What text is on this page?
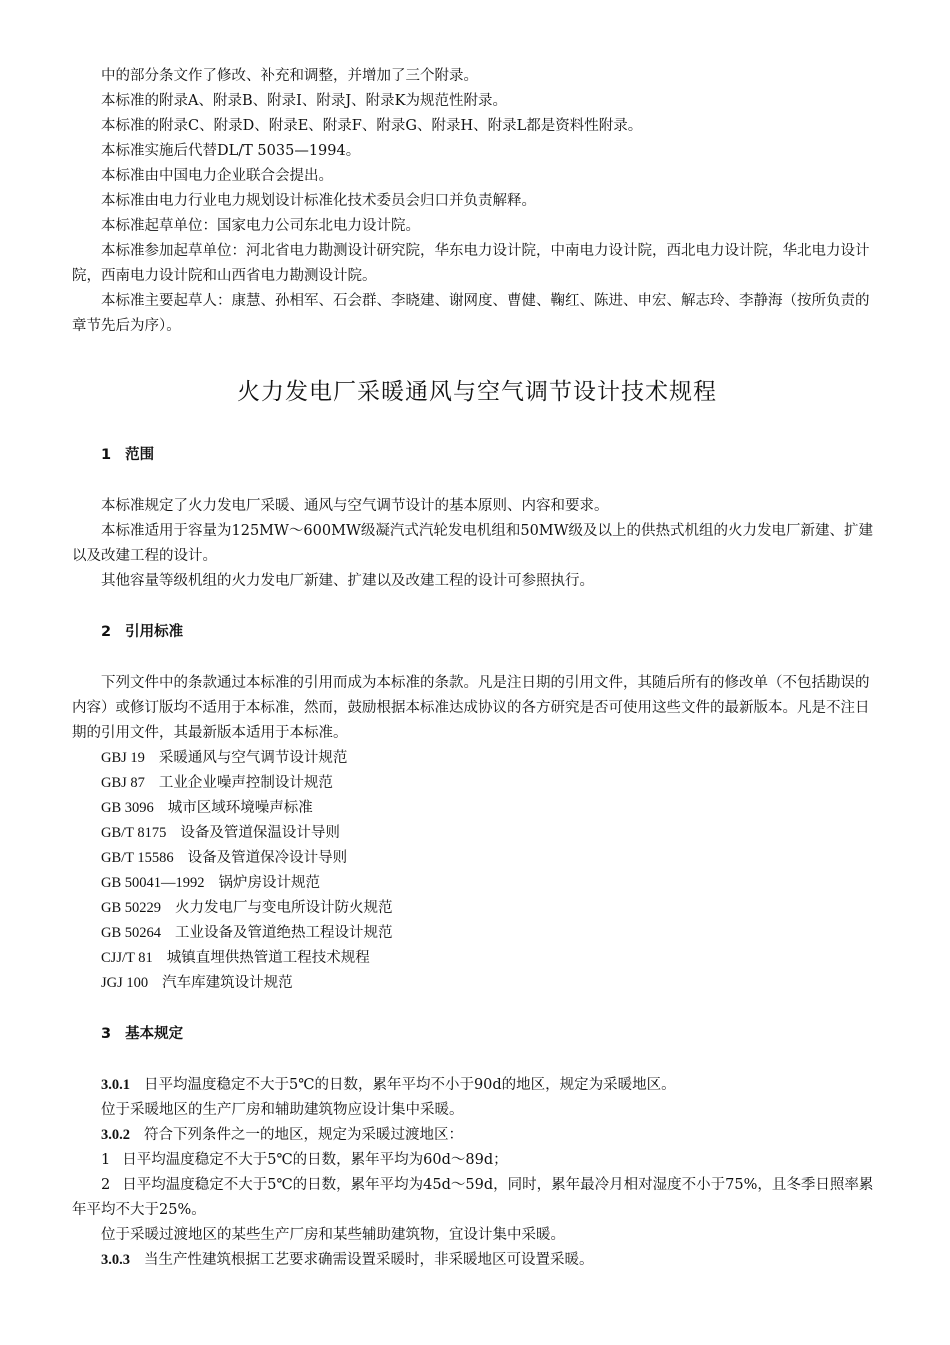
中的部分条文作了修改、补充和调整，并增加了三个附录。

本标准的附录A、附录B、附录I、附录J、附录K为规范性附录。

本标准的附录C、附录D、附录E、附录F、附录G、附录H、附录L都是资料性附录。

本标准实施后代替DL/T 5035—1994。

本标准由中国电力企业联合会提出。

本标准由电力行业电力规划设计标准化技术委员会归口并负责解释。

本标准起草单位：国家电力公司东北电力设计院。

本标准参加起草单位：河北省电力勘测设计研究院，华东电力设计院，中南电力设计院，西北电力设计院，华北电力设计院，西南电力设计院和山西省电力勘测设计院。

本标准主要起草人：康慧、孙相军、石会群、李晓建、谢网度、曹健、鞠红、陈进、申宏、解志玲、李静海（按所负责的章节先后为序）。

火力发电厂采暖通风与空气调节设计技术规程
1 范围

本标准规定了火力发电厂采暖、通风与空气调节设计的基本原则、内容和要求。

本标准适用于容量为125MW～600MW级凝汽式汽轮发电机组和50MW级及以上的供热式机组的火力发电厂新建、扩建以及改建工程的设计。

其他容量等级机组的火力发电厂新建、扩建以及改建工程的设计可参照执行。

2 引用标准

下列文件中的条款通过本标准的引用而成为本标准的条款。凡是注日期的引用文件，其随后所有的修改单（不包括勘误的内容）或修订版均不适用于本标准，然而，鼓励根据本标准达成协议的各方研究是否可使用这些文件的最新版本。凡是不注日期的引用文件，其最新版本适用于本标准。

GBJ 19 采暖通风与空气调节设计规范
GBJ 87 工业企业噪声控制设计规范
GB 3096 城市区域环境噪声标准
GB/T 8175 设备及管道保温设计导则
GB/T 15586 设备及管道保冷设计导则
GB 50041—1992 锅炉房设计规范
GB 50229 火力发电厂与变电所设计防火规范
GB 50264 工业设备及管道绝热工程设计规范
CJJ/T 81 城镇直埋供热管道工程技术规程
JGJ 100 汽车库建筑设计规范
3 基本规定

3.0.1 日平均温度稳定不大于5℃的日数，累年平均不小于90d的地区，规定为采暖地区。

位于采暖地区的生产厂房和辅助建筑物应设计集中采暖。

3.0.2 符合下列条件之一的地区，规定为采暖过渡地区：

1 日平均温度稳定不大于5℃的日数，累年平均为60d～89d；

2 日平均温度稳定不大于5℃的日数，累年平均为45d～59d，同时，累年最冷月相对湿度不小于75%，且冬季日照率累年平均不大于25%。

位于采暖过渡地区的某些生产厂房和某些辅助建筑物，宜设计集中采暖。

3.0.3 当生产性建筑根据工艺要求确需设置采暖时，非采暖地区可设置采暖。
